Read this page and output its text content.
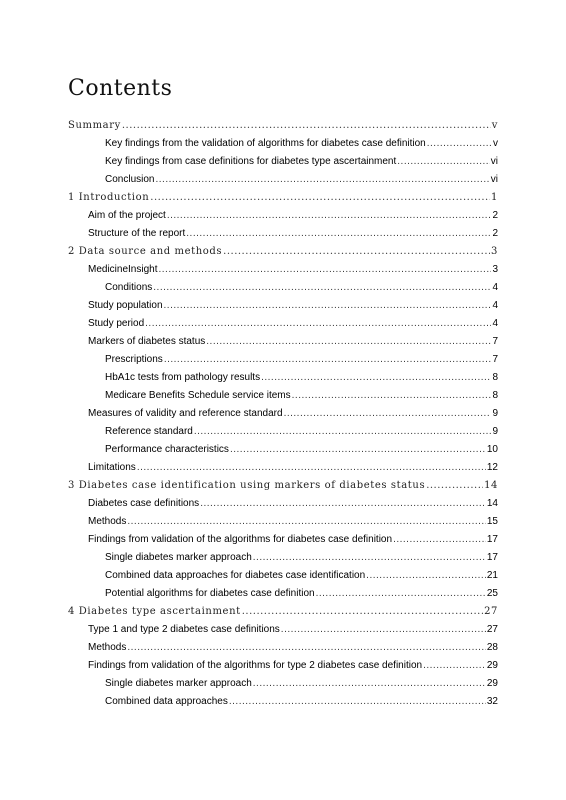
Contents
Summary .....	v
Key findings from the validation of algorithms for diabetes case definition .....	v
Key findings from case definitions for diabetes type ascertainment .....	vi
Conclusion .....	vi
1 Introduction .....	1
Aim of the project .....	2
Structure of the report .....	2
2 Data source and methods .....	3
MedicineInsight .....	3
Conditions .....	4
Study population .....	4
Study period .....	4
Markers of diabetes status .....	7
Prescriptions .....	7
HbA1c tests from pathology results .....	8
Medicare Benefits Schedule service items .....	8
Measures of validity and reference standard .....	9
Reference standard .....	9
Performance characteristics .....	10
Limitations .....	12
3 Diabetes case identification using markers of diabetes status .....	14
Diabetes case definitions .....	14
Methods .....	15
Findings from validation of the algorithms for diabetes case definition .....	17
Single diabetes marker approach .....	17
Combined data approaches for diabetes case identification .....	21
Potential algorithms for diabetes case definition .....	25
4 Diabetes type ascertainment .....	27
Type 1 and type 2 diabetes case definitions .....	27
Methods .....	28
Findings from validation of the algorithms for type 2 diabetes case definition .....	29
Single diabetes marker approach .....	29
Combined data approaches .....	32
